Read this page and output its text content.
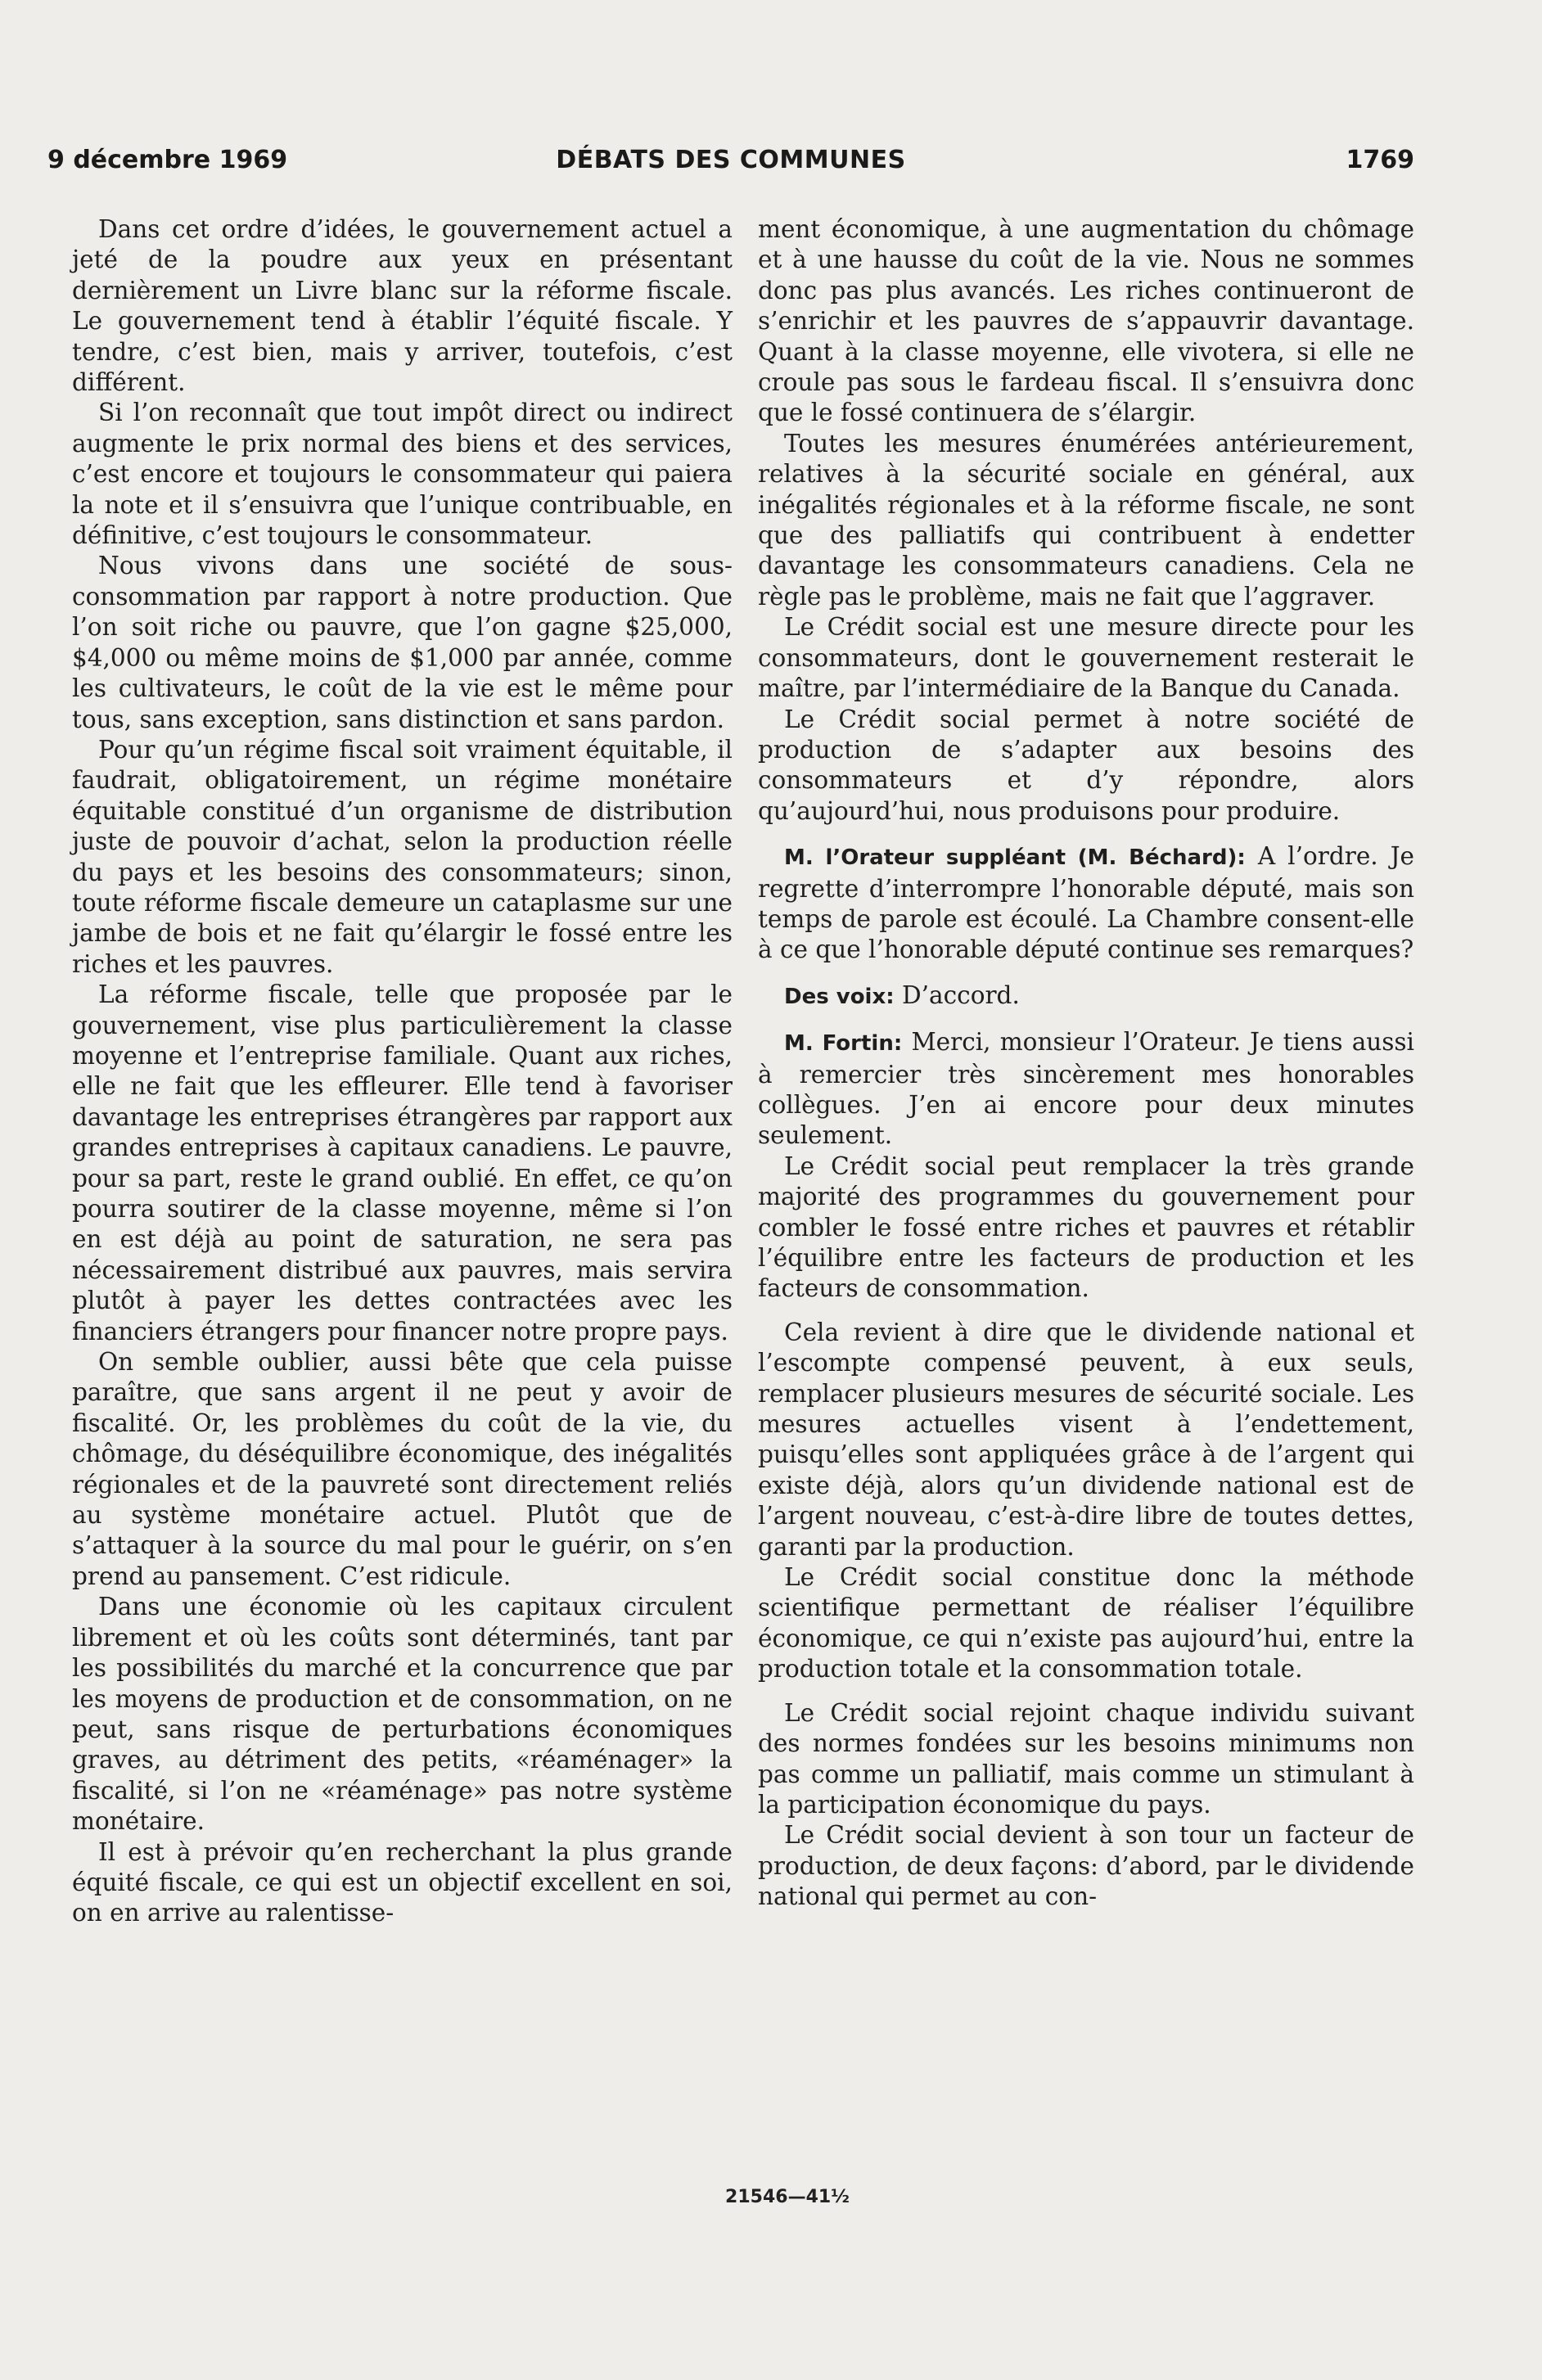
9 décembre 1969	DÉBATS DES COMMUNES	1769

Dans cet ordre d’idées, le gouvernement actuel a jeté de la poudre aux yeux en présentant dernièrement un Livre blanc sur la réforme fiscale. Le gouvernement tend à établir l’équité fiscale. Y tendre, c’est bien, mais y arriver, toutefois, c’est différent.

Si l’on reconnaît que tout impôt direct ou indirect augmente le prix normal des biens et des services, c’est encore et toujours le consommateur qui paiera la note et il s’ensuivra que l’unique contribuable, en définitive, c’est toujours le consommateur.

Nous vivons dans une société de sous-consommation par rapport à notre production. Que l’on soit riche ou pauvre, que l’on gagne $25,000, $4,000 ou même moins de $1,000 par année, comme les cultivateurs, le coût de la vie est le même pour tous, sans exception, sans distinction et sans pardon.

Pour qu’un régime fiscal soit vraiment équitable, il faudrait, obligatoirement, un régime monétaire équitable constitué d’un organisme de distribution juste de pouvoir d’achat, selon la production réelle du pays et les besoins des consommateurs; sinon, toute réforme fiscale demeure un cataplasme sur une jambe de bois et ne fait qu’élargir le fossé entre les riches et les pauvres.

La réforme fiscale, telle que proposée par le gouvernement, vise plus particulièrement la classe moyenne et l’entreprise familiale. Quant aux riches, elle ne fait que les effleurer. Elle tend à favoriser davantage les entreprises étrangères par rapport aux grandes entreprises à capitaux canadiens. Le pauvre, pour sa part, reste le grand oublié. En effet, ce qu’on pourra soutirer de la classe moyenne, même si l’on en est déjà au point de saturation, ne sera pas nécessairement distribué aux pauvres, mais servira plutôt à payer les dettes contractées avec les financiers étrangers pour financer notre propre pays.

On semble oublier, aussi bête que cela puisse paraître, que sans argent il ne peut y avoir de fiscalité. Or, les problèmes du coût de la vie, du chômage, du déséquilibre économique, des inégalités régionales et de la pauvreté sont directement reliés au système monétaire actuel. Plutôt que de s’attaquer à la source du mal pour le guérir, on s’en prend au pansement. C’est ridicule.

Dans une économie où les capitaux circulent librement et où les coûts sont déterminés, tant par les possibilités du marché et la concurrence que par les moyens de production et de consommation, on ne peut, sans risque de perturbations économiques graves, au détriment des petits, «réaménager» la fiscalité, si l’on ne «réaménage» pas notre système monétaire.

Il est à prévoir qu’en recherchant la plus grande équité fiscale, ce qui est un objectif excellent en soi, on en arrive au ralentisse-

ment économique, à une augmentation du chômage et à une hausse du coût de la vie. Nous ne sommes donc pas plus avancés. Les riches continueront de s’enrichir et les pauvres de s’appauvrir davantage. Quant à la classe moyenne, elle vivotera, si elle ne croule pas sous le fardeau fiscal. Il s’ensuivra donc que le fossé continuera de s’élargir.

Toutes les mesures énumérées antérieurement, relatives à la sécurité sociale en général, aux inégalités régionales et à la réforme fiscale, ne sont que des palliatifs qui contribuent à endetter davantage les consommateurs canadiens. Cela ne règle pas le problème, mais ne fait que l’aggraver.

Le Crédit social est une mesure directe pour les consommateurs, dont le gouvernement resterait le maître, par l’intermédiaire de la Banque du Canada.

Le Crédit social permet à notre société de production de s’adapter aux besoins des consommateurs et d’y répondre, alors qu’aujourd’hui, nous produisons pour produire.

M. l’Orateur suppléant (M. Béchard): A l’ordre. Je regrette d’interrompre l’honorable député, mais son temps de parole est écoulé. La Chambre consent-elle à ce que l’honorable député continue ses remarques?

Des voix: D’accord.

M. Fortin: Merci, monsieur l’Orateur. Je tiens aussi à remercier très sincèrement mes honorables collègues. J’en ai encore pour deux minutes seulement.

Le Crédit social peut remplacer la très grande majorité des programmes du gouvernement pour combler le fossé entre riches et pauvres et rétablir l’équilibre entre les facteurs de production et les facteurs de consommation.

Cela revient à dire que le dividende national et l’escompte compensé peuvent, à eux seuls, remplacer plusieurs mesures de sécurité sociale. Les mesures actuelles visent à l’endettement, puisqu’elles sont appliquées grâce à de l’argent qui existe déjà, alors qu’un dividende national est de l’argent nouveau, c’est-à-dire libre de toutes dettes, garanti par la production.

Le Crédit social constitue donc la méthode scientifique permettant de réaliser l’équilibre économique, ce qui n’existe pas aujourd’hui, entre la production totale et la consommation totale.

Le Crédit social rejoint chaque individu suivant des normes fondées sur les besoins minimums non pas comme un palliatif, mais comme un stimulant à la participation économique du pays.

Le Crédit social devient à son tour un facteur de production, de deux façons: d’abord, par le dividende national qui permet au con-

21546—41½
